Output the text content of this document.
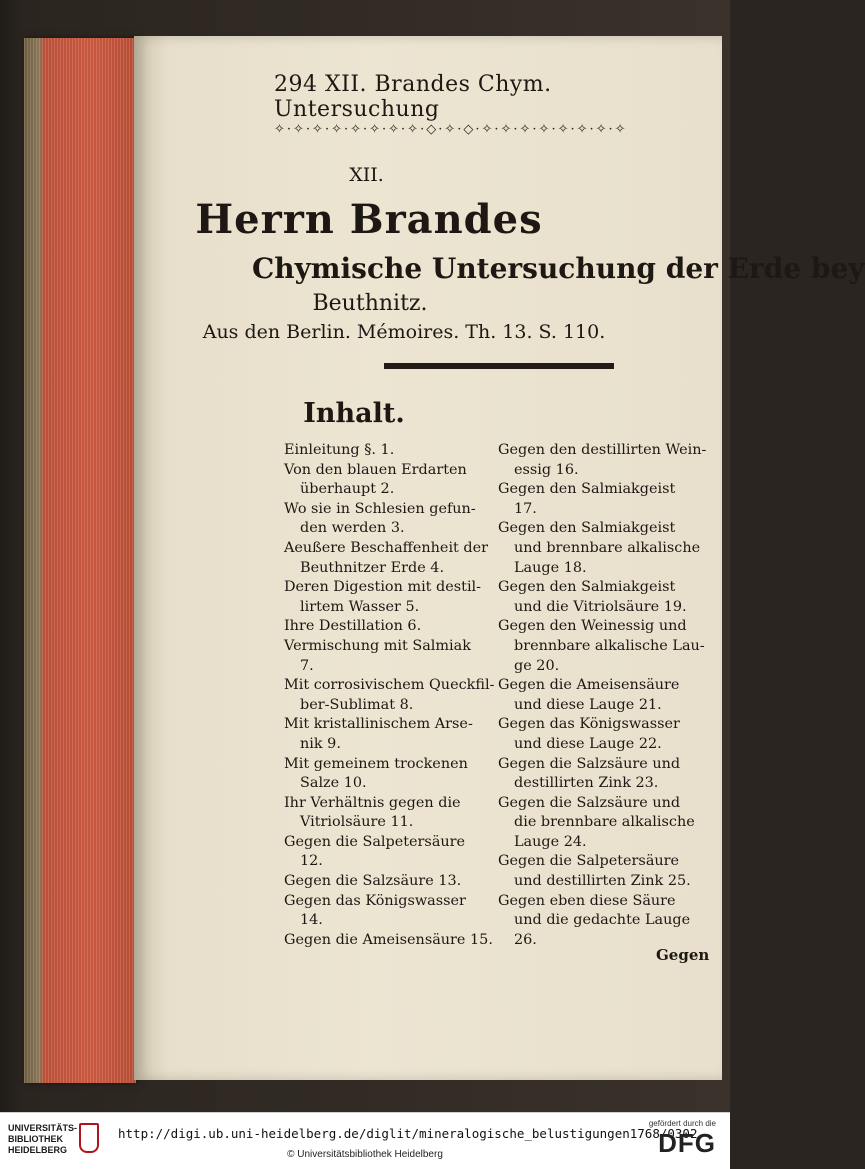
294 XII. Brandes Chym. Untersuchung
✧·✧·✧·✧·✧·✧·✧·✧·◇·✧·◇·✧·✧·✧·✧·✧·✧·✧·✧
XII.
Herrn Brandes
Chymische Untersuchung der Erde bey
Beuthnitz.
Aus den Berlin. Mémoires. Th. 13. S. 110.
Inhalt.
Einleitung §. 1.
Von den blauen Erdarten
überhaupt 2.
Wo sie in Schlesien gefun-
den werden 3.
Aeußere Beschaffenheit der
Beuthnitzer Erde 4.
Deren Digestion mit destil-
lirtem Wasser 5.
Ihre Destillation 6.
Vermischung mit Salmiak
7.
Mit corrosivischem Queckfil-
ber-Sublimat 8.
Mit kristallinischem Arse-
nik 9.
Mit gemeinem trockenen
Salze 10.
Ihr Verhältnis gegen die
Vitriolsäure 11.
Gegen die Salpetersäure
12.
Gegen die Salzsäure 13.
Gegen das Königswasser
14.
Gegen die Ameisensäure 15.
Gegen den destillirten Wein-
essig 16.
Gegen den Salmiakgeist
17.
Gegen den Salmiakgeist
und brennbare alkalische
Lauge 18.
Gegen den Salmiakgeist
und die Vitriolsäure 19.
Gegen den Weinessig und
brennbare alkalische Lau-
ge 20.
Gegen die Ameisensäure
und diese Lauge 21.
Gegen das Königswasser
und diese Lauge 22.
Gegen die Salzsäure und
destillirten Zink 23.
Gegen die Salzsäure und
die brennbare alkalische
Lauge 24.
Gegen die Salpetersäure
und destillirten Zink 25.
Gegen eben diese Säure
und die gedachte Lauge
26.
Gegen
UNIVERSITÄTS-
BIBLIOTHEK
HEIDELBERG
http://digi.ub.uni-heidelberg.de/diglit/mineralogische_belustigungen1768/0302
© Universitätsbibliothek Heidelberg
gefördert durch die
DFG
